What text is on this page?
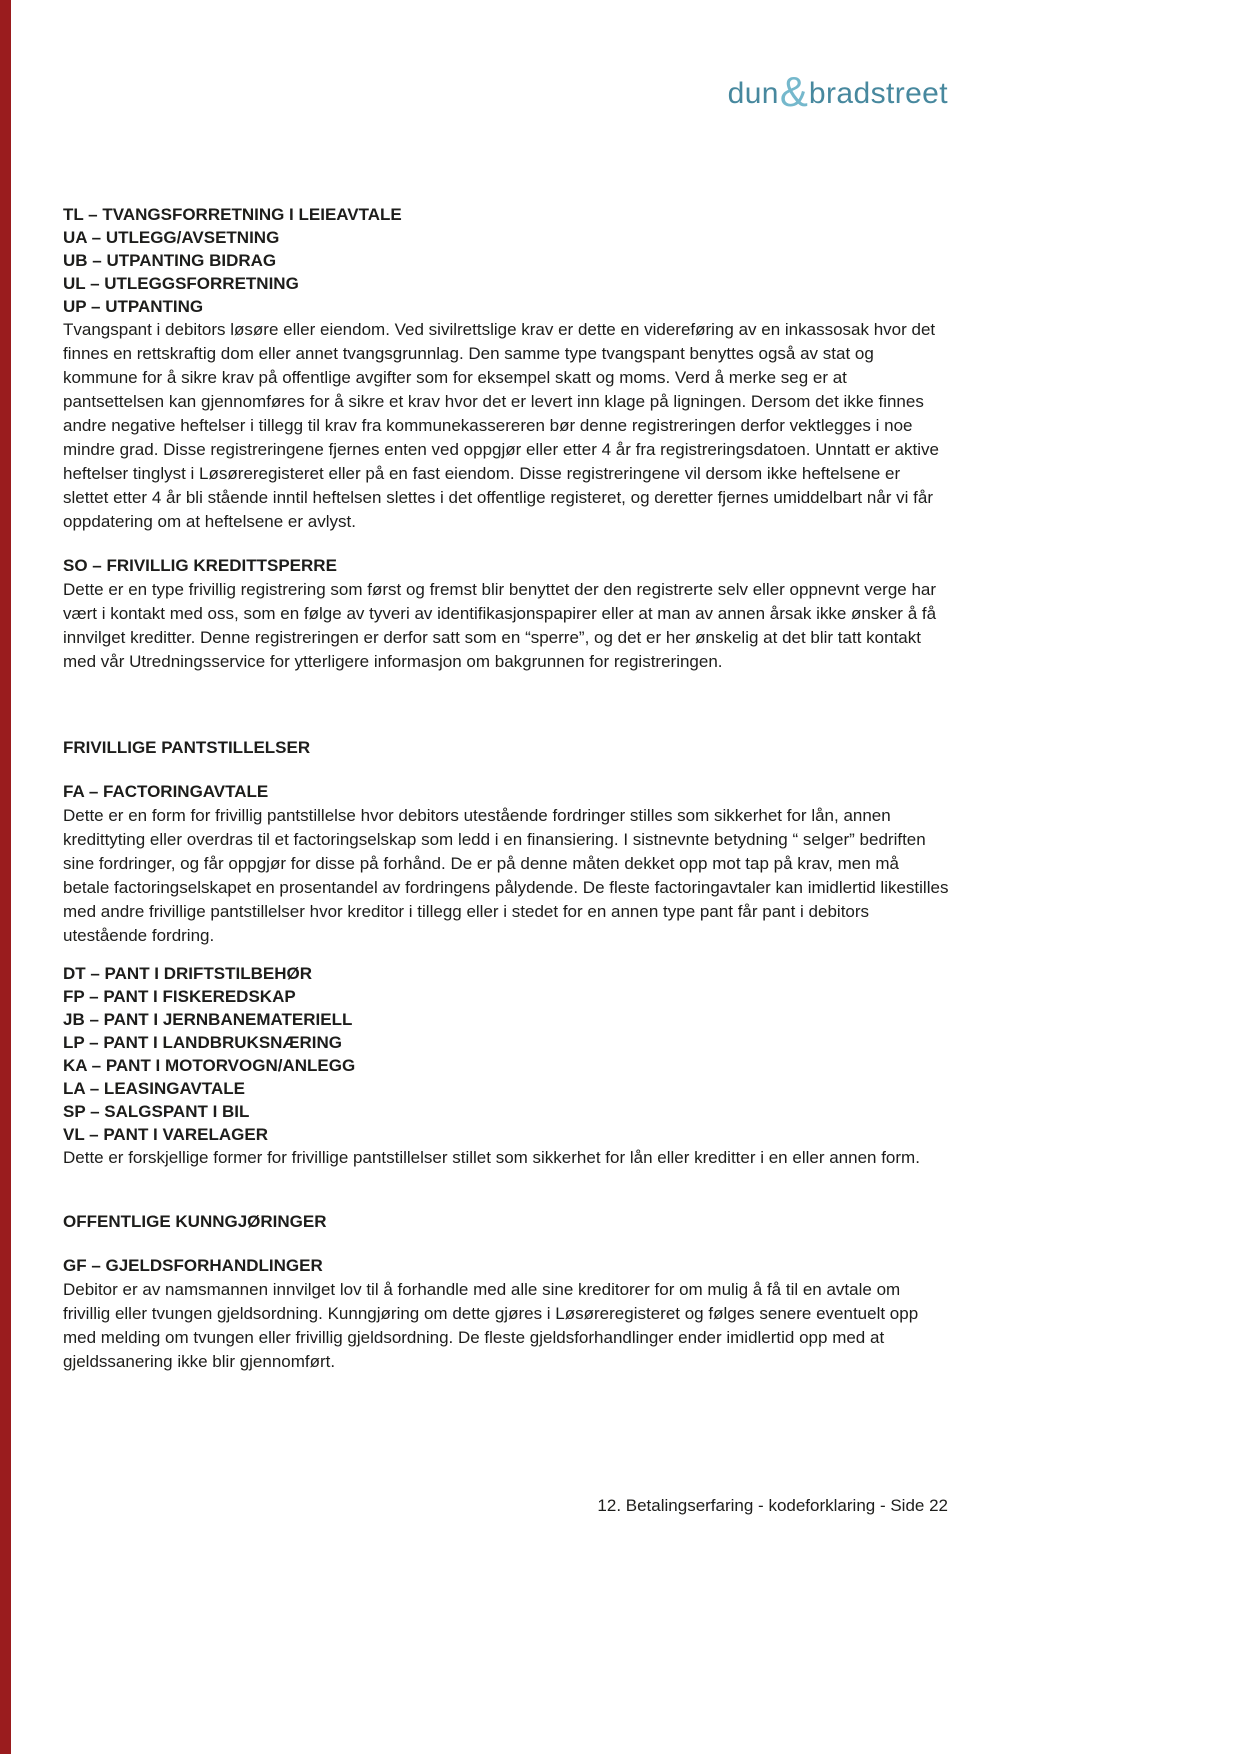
dun & bradstreet

TL – TVANGSFORRETNING I LEIEAVTALE

UA – UTLEGG/AVSETNING

UB – UTPANTING BIDRAG

UL – UTLEGGSFORRETNING

UP – UTPANTING

Tvangspant i debitors løsøre eller eiendom. Ved sivilrettslige krav er dette en videreføring av en inkassosak hvor det finnes en rettskraftig dom eller annet tvangsgrunnlag. Den samme type tvangspant benyttes også av stat og kommune for å sikre krav på offentlige avgifter som for eksempel skatt og moms. Verd å merke seg er at pantsettelsen kan gjennomføres for å sikre et krav hvor det er levert inn klage på ligningen. Dersom det ikke finnes andre negative heftelser i tillegg til krav fra kommunekassereren bør denne registreringen derfor vektlegges i noe mindre grad. Disse registreringene fjernes enten ved oppgjør eller etter 4 år fra registreringsdatoen. Unntatt er aktive heftelser tinglyst i Løsøreregisteret eller på en fast eiendom. Disse registreringene vil dersom ikke heftelsene er slettet etter 4 år bli stående inntil heftelsen slettes i det offentlige registeret, og deretter fjernes umiddelbart når vi får oppdatering om at heftelsene er avlyst.

SO – FRIVILLIG KREDITTSPERRE

Dette er en type frivillig registrering som først og fremst blir benyttet der den registrerte selv eller oppnevnt verge har vært i kontakt med oss, som en følge av tyveri av identifikasjonspapirer eller at man av annen årsak ikke ønsker å få innvilget kreditter. Denne registreringen er derfor satt som en “sperre”, og det er her ønskelig at det blir tatt kontakt med vår Utredningsservice for ytterligere informasjon om bakgrunnen for registreringen.

FRIVILLIGE PANTSTILLELSER

FA – FACTORINGAVTALE

Dette er en form for frivillig pantstillelse hvor debitors utestående fordringer stilles som sikkerhet for lån, annen kredittyting eller overdras til et factoringselskap som ledd i en finansiering. I sistnevnte betydning “ selger” bedriften sine fordringer, og får oppgjør for disse på forhånd. De er på denne måten dekket opp mot tap på krav, men må betale factoringselskapet en prosentandel av fordringens pålydende. De fleste factoringavtaler kan imidlertid likestilles med andre frivillige pantstillelser hvor kreditor i tillegg eller i stedet for en annen type pant får pant i debitors utestående fordring.

DT – PANT I DRIFTSTILBEHØR

FP – PANT I FISKEREDSKAP

JB – PANT I JERNBANEMATERIELL

LP – PANT I LANDBRUKSNÆRING

KA – PANT I MOTORVOGN/ANLEGG

LA – LEASINGAVTALE

SP – SALGSPANT I BIL

VL – PANT I VARELAGER

Dette er forskjellige former for frivillige pantstillelser stillet som sikkerhet for lån eller kreditter i en eller annen form.

OFFENTLIGE KUNNGJØRINGER

GF – GJELDSFORHANDLINGER

Debitor er av namsmannen innvilget lov til å forhandle med alle sine kreditorer for om mulig å få til en avtale om frivillig eller tvungen gjeldsordning. Kunngjøring om dette gjøres i Løsøreregisteret og følges senere eventuelt opp med melding om tvungen eller frivillig gjeldsordning. De fleste gjeldsforhandlinger ender imidlertid opp med at gjeldssanering ikke blir gjennomført.

12. Betalingserfaring - kodeforklaring - Side 22
